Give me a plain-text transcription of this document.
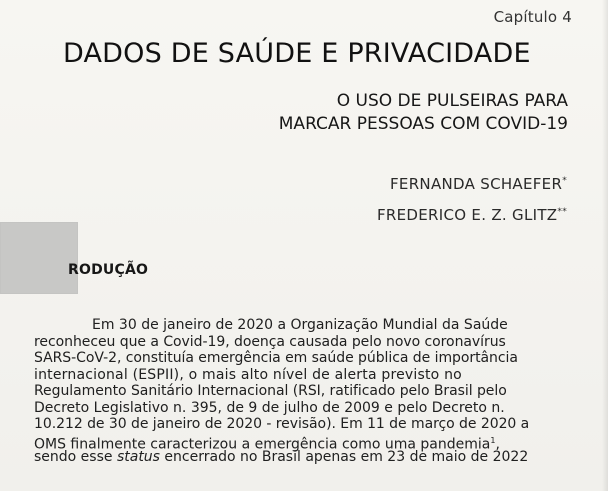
Capítulo 4
DADOS DE SAÚDE E PRIVACIDADE
O USO DE PULSEIRAS PARA
MARCAR PESSOAS COM COVID-19
FERNANDA SCHAEFER*
FREDERICO E. Z. GLITZ**
RODUÇÃO
Em 30 de janeiro de 2020 a Organização Mundial da Saúde
reconheceu que a Covid-19, doença causada pelo novo coronavírus
SARS-CoV-2, constituía emergência em saúde pública de importância
internacional (ESPII), o mais alto nível de alerta previsto no
Regulamento Sanitário Internacional (RSI, ratificado pelo Brasil pelo
Decreto Legislativo n. 395, de 9 de julho de 2009 e pelo Decreto n.
10.212 de 30 de janeiro de 2020 - revisão). Em 11 de março de 2020 a
OMS finalmente caracterizou a emergência como uma pandemia$^1$,
sendo esse status encerrado no Brasil apenas em 23 de maio de 2022
